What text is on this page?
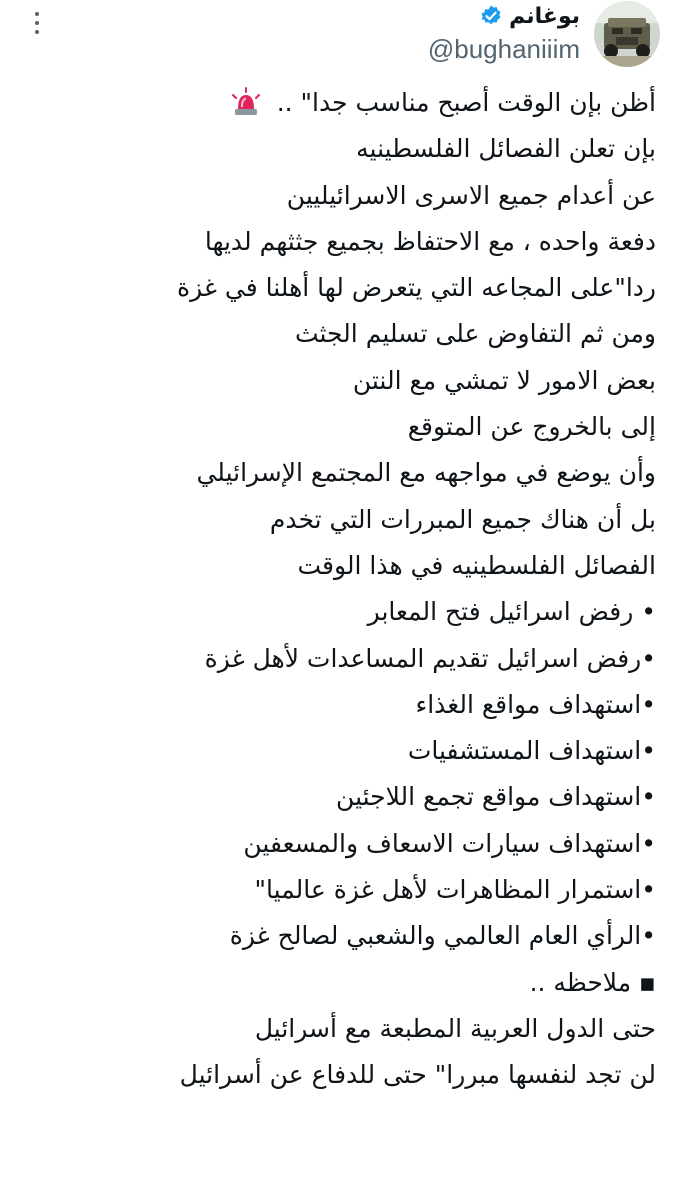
بوغانم
@bughaniiim
أظن بإن الوقت أصبح مناسب جدا" ..
بإن تعلن الفصائل الفلسطينيه
عن أعدام جميع الاسرى الاسرائيليين
دفعة واحده ، مع الاحتفاظ بجميع جثثهم لديها
ردا"على المجاعه التي يتعرض لها أهلنا في غزة
ومن ثم التفاوض على تسليم الجثث
بعض الامور لا تمشي مع النتن
إلى بالخروج عن المتوقع
وأن يوضع في مواجهه مع المجتمع الإسرائيلي
بل أن هناك جميع المبررات التي تخدم
الفصائل الفلسطينيه في هذا الوقت
• رفض اسرائيل فتح المعابر
•رفض اسرائيل تقديم المساعدات لأهل غزة
•استهداف مواقع الغذاء
•استهداف المستشفيات
•استهداف مواقع تجمع اللاجئين
•استهداف سيارات الاسعاف والمسعفين
•استمرار المظاهرات لأهل غزة عالميا"
•الرأي العام العالمي والشعبي لصالح غزة
▪︎ ملاحظه ..
حتى الدول العربية المطبعة مع أسرائيل
لن تجد لنفسها مبررا" حتى للدفاع عن أسرائيل
